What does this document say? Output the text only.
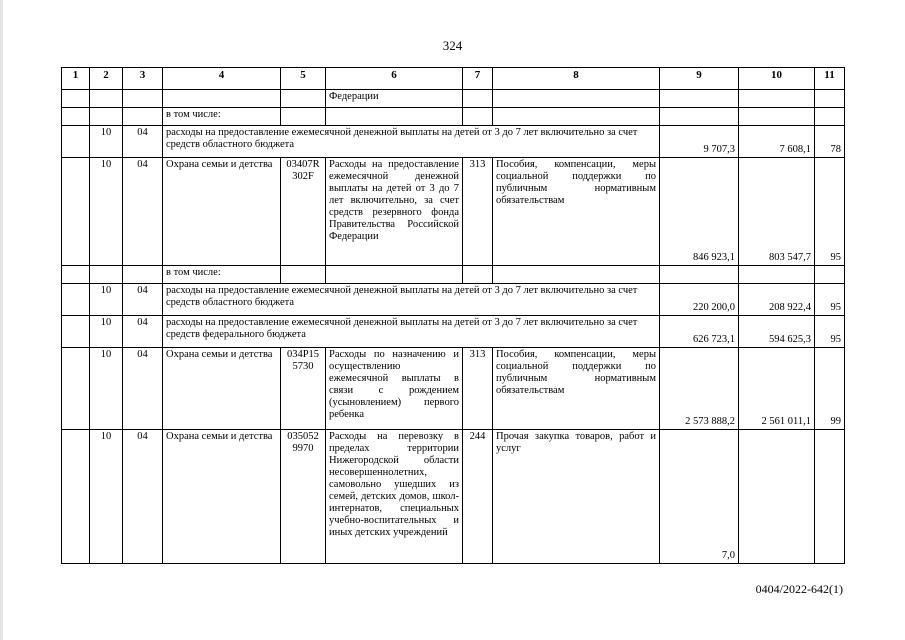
324
1	2	3	4	5	6	7	8	9	10	11
					Федерации					
			в том числе:							
	10	04	расходы на предоставление ежемесячной денежной выплаты на детей от 3 до 7 лет включительно за счет средств областного бюджета					9 707,3	7 608,1	78
	10	04	Охрана семьи и детства	03407R 302F	Расходы на предоставление ежемесячной денежной выплаты на детей от 3 до 7 лет включительно, за счет средств резервного фонда Правительства Российской Федерации	313	Пособия, компенсации, меры социальной поддержки по публичным нормативным обязательствам	846 923,1	803 547,7	95
			в том числе:							
	10	04	расходы на предоставление ежемесячной денежной выплаты на детей от 3 до 7 лет включительно за счет средств областного бюджета					220 200,0	208 922,4	95
	10	04	расходы на предоставление ежемесячной денежной выплаты на детей от 3 до 7 лет включительно за счет средств федерального бюджета					626 723,1	594 625,3	95
	10	04	Охрана семьи и детства	034P15 5730	Расходы по назначению и осуществлению ежемесячной выплаты в связи с рождением (усыновлением) первого ребенка	313	Пособия, компенсации, меры социальной поддержки по публичным нормативным обязательствам	2 573 888,2	2 561 011,1	99
	10	04	Охрана семьи и детства	035052 9970	Расходы на перевозку в пределах территории Нижегородской области несовершеннолетних, самовольно ушедших из семей, детских домов, школ-интернатов, специальных учебно-воспитательных и иных детских учреждений	244	Прочая закупка товаров, работ и услуг	7,0		
0404/2022-642(1)
